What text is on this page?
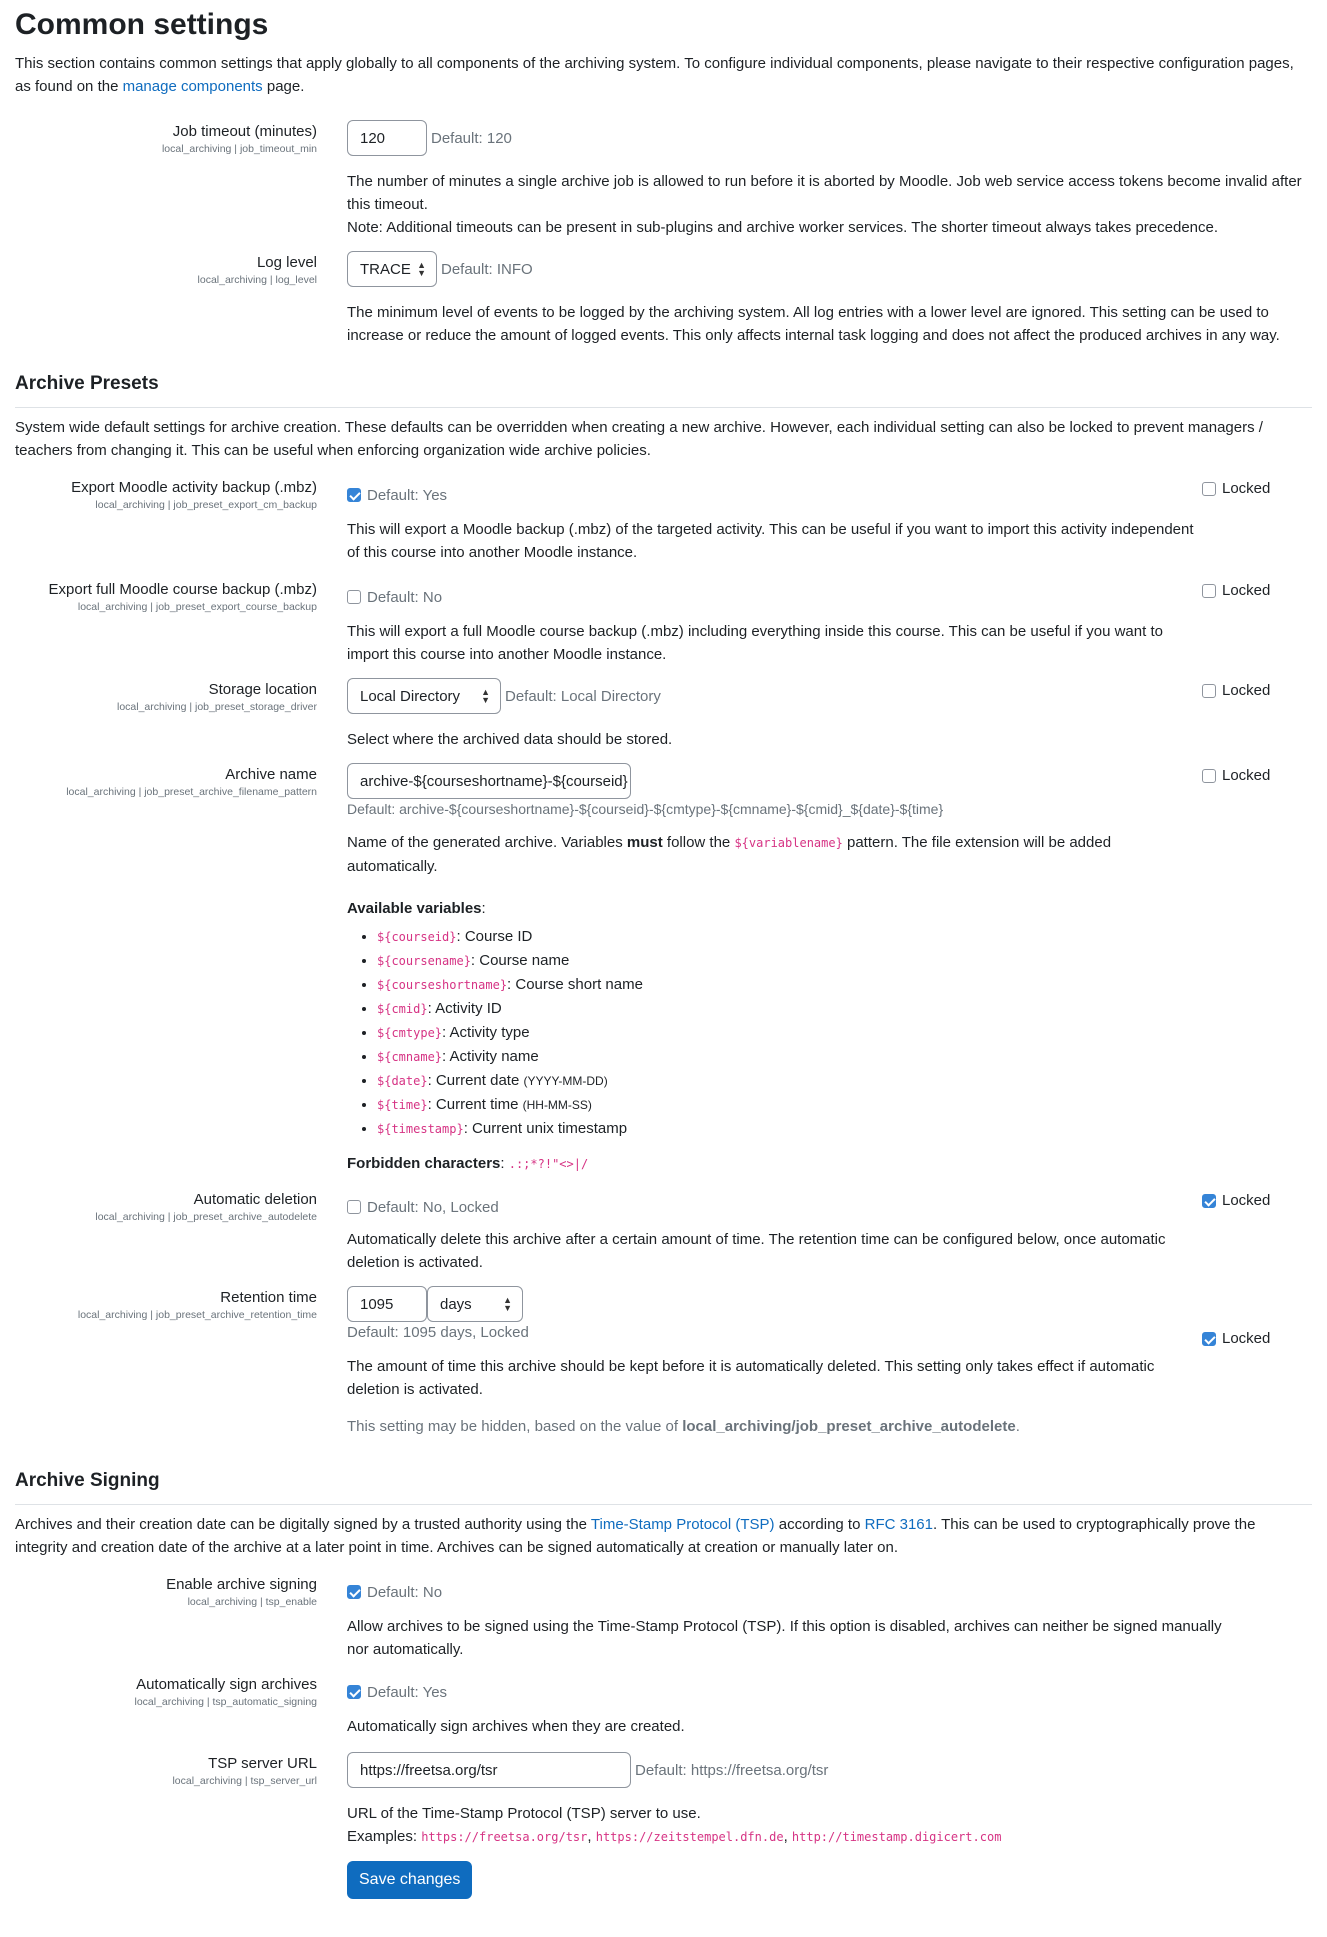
Common settings
This section contains common settings that apply globally to all components of the archiving system. To configure individual components, please navigate to their respective configuration pages, as found on the manage components page.
Job timeout (minutes)
local_archiving | job_timeout_min
120	Default: 120
The number of minutes a single archive job is allowed to run before it is aborted by Moodle. Job web service access tokens become invalid after this timeout.
Note: Additional timeouts can be present in sub-plugins and archive worker services. The shorter timeout always takes precedence.
Log level
local_archiving | log_level
TRACE ▲
▼ Default: INFO
The minimum level of events to be logged by the archiving system. All log entries with a lower level are ignored. This setting can be used to increase or reduce the amount of logged events. This only affects internal task logging and does not affect the produced archives in any way.
Archive Presets
System wide default settings for archive creation. These defaults can be overridden when creating a new archive. However, each individual setting can also be locked to prevent managers / teachers from changing it. This can be useful when enforcing organization wide archive policies.
Export Moodle activity backup (.mbz)
local_archiving | job_preset_export_cm_backup
Default: Yes
This will export a Moodle backup (.mbz) of the targeted activity. This can be useful if you want to import this activity independent of this course into another Moodle instance.
Locked
Export full Moodle course backup (.mbz)
local_archiving | job_preset_export_course_backup
Default: No
This will export a full Moodle course backup (.mbz) including everything inside this course. This can be useful if you want to import this course into another Moodle instance.
Locked
Storage location
local_archiving | job_preset_storage_driver
Local Directory ▲
▼ Default: Local Directory
Select where the archived data should be stored.
Locked
Archive name
local_archiving | job_preset_archive_filename_pattern
archive-${courseshortname}-${courseid}
Default: archive-${courseshortname}-${courseid}-${cmtype}-${cmname}-${cmid}_${date}-${time}
Name of the generated archive. Variables must follow the ${variablename} pattern. The file extension will be added automatically.
Available variables:
• ${courseid}: Course ID
• ${coursename}: Course name
• ${courseshortname}: Course short name
• ${cmid}: Activity ID
• ${cmtype}: Activity type
• ${cmname}: Activity name
• ${date}: Current date (YYYY-MM-DD)
• ${time}: Current time (HH-MM-SS)
• ${timestamp}: Current unix timestamp
Forbidden characters: .:;*?!"<>|/
Locked
Automatic deletion
local_archiving | job_preset_archive_autodelete
Default: No, Locked
Automatically delete this archive after a certain amount of time. The retention time can be configured below, once automatic deletion is activated.
Locked
Retention time
local_archiving | job_preset_archive_retention_time
1095	days	▲
▼
Default: 1095 days, Locked
The amount of time this archive should be kept before it is automatically deleted. This setting only takes effect if automatic deletion is activated.
This setting may be hidden, based on the value of local_archiving/job_preset_archive_autodelete.
Locked
Archive Signing
Archives and their creation date can be digitally signed by a trusted authority using the Time-Stamp Protocol (TSP) according to RFC 3161. This can be used to cryptographically prove the integrity and creation date of the archive at a later point in time. Archives can be signed automatically at creation or manually later on.
Enable archive signing
local_archiving | tsp_enable
Default: No
Allow archives to be signed using the Time-Stamp Protocol (TSP). If this option is disabled, archives can neither be signed manually nor automatically.
Automatically sign archives
local_archiving | tsp_automatic_signing
Default: Yes
Automatically sign archives when they are created.
TSP server URL
local_archiving | tsp_server_url
https://freetsa.org/tsr	Default: https://freetsa.org/tsr
URL of the Time-Stamp Protocol (TSP) server to use.
Examples: https://freetsa.org/tsr, https://zeitstempel.dfn.de, http://timestamp.digicert.com
Save changes
